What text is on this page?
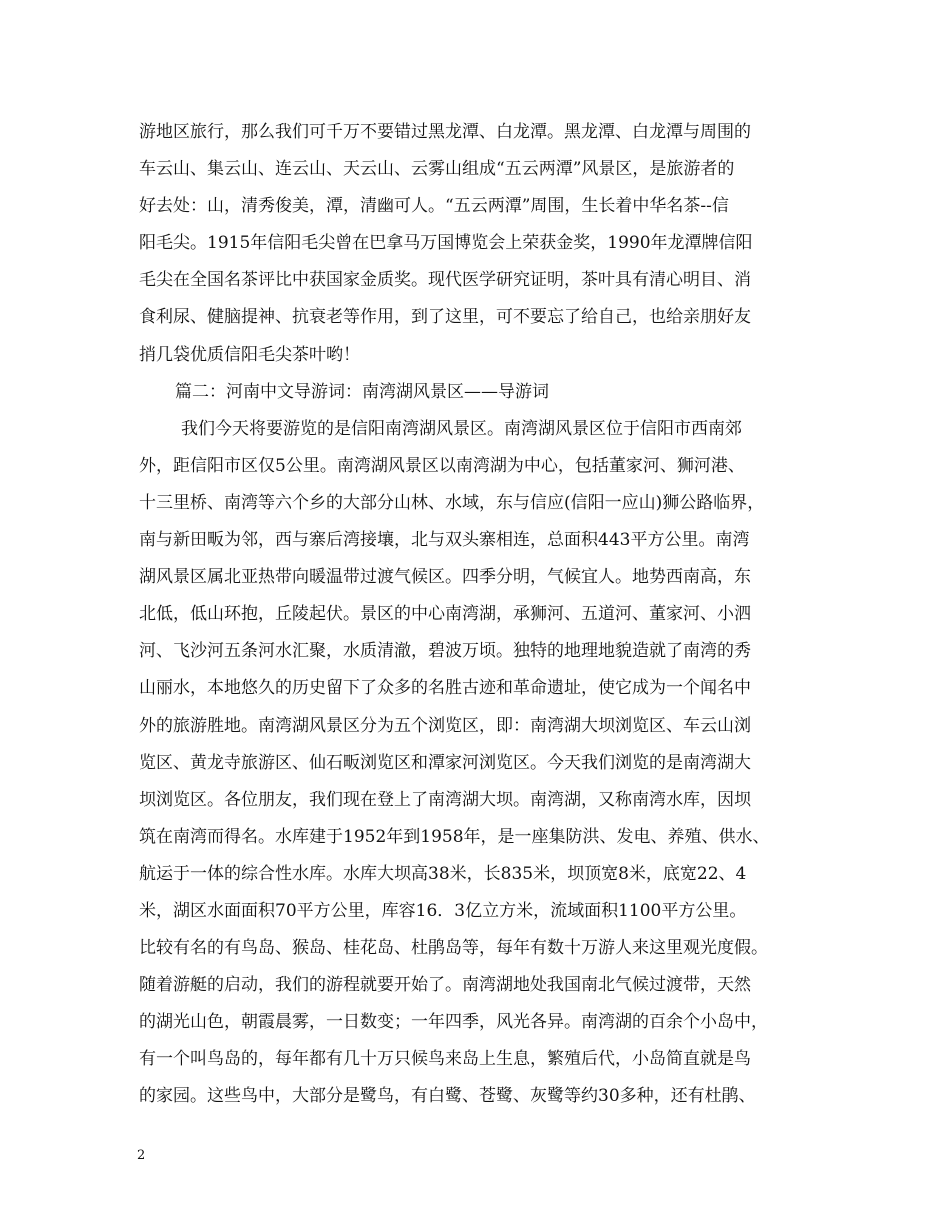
游地区旅行，那么我们可千万不要错过黑龙潭、白龙潭。黑龙潭、白龙潭与周围的
车云山、集云山、连云山、天云山、云雾山组成“五云两潭”风景区，是旅游者的
好去处：山，清秀俊美，潭，清幽可人。“五云两潭”周围，生长着中华名茶--信
阳毛尖。1915年信阳毛尖曾在巴拿马万国博览会上荣获金奖，1990年龙潭牌信阳
毛尖在全国名茶评比中获国家金质奖。现代医学研究证明，茶叶具有清心明目、消
食利尿、健脑提神、抗衰老等作用，到了这里，可不要忘了给自己，也给亲朋好友
捎几袋优质信阳毛尖茶叶哟！
篇二：河南中文导游词：南湾湖风景区——导游词
我们今天将要游览的是信阳南湾湖风景区。南湾湖风景区位于信阳市西南郊
外，距信阳市区仅5公里。南湾湖风景区以南湾湖为中心，包括董家河、狮河港、
十三里桥、南湾等六个乡的大部分山林、水域，东与信应(信阳一应山)狮公路临界，
南与新田畈为邻，西与寨后湾接壤，北与双头寨相连，总面积443平方公里。南湾
湖风景区属北亚热带向暖温带过渡气候区。四季分明，气候宜人。地势西南高，东
北低，低山环抱，丘陵起伏。景区的中心南湾湖，承狮河、五道河、董家河、小泗
河、飞沙河五条河水汇聚，水质清澈，碧波万顷。独特的地理地貌造就了南湾的秀
山丽水，本地悠久的历史留下了众多的名胜古迹和革命遗址，使它成为一个闻名中
外的旅游胜地。南湾湖风景区分为五个浏览区，即：南湾湖大坝浏览区、车云山浏
览区、黄龙寺旅游区、仙石畈浏览区和潭家河浏览区。今天我们浏览的是南湾湖大
坝浏览区。各位朋友，我们现在登上了南湾湖大坝。南湾湖，又称南湾水库，因坝
筑在南湾而得名。水库建于1952年到1958年，是一座集防洪、发电、养殖、供水、
航运于一体的综合性水库。水库大坝高38米，长835米，坝顶宽8米，底宽22、4
米，湖区水面面积70平方公里，库容16．3亿立方米，流域面积1100平方公里。
比较有名的有鸟岛、猴岛、桂花岛、杜鹃岛等，每年有数十万游人来这里观光度假。
随着游艇的启动，我们的游程就要开始了。南湾湖地处我国南北气候过渡带，天然
的湖光山色，朝霞晨雾，一日数变；一年四季，风光各异。南湾湖的百余个小岛中，
有一个叫鸟岛的，每年都有几十万只候鸟来岛上生息，繁殖后代，小岛简直就是鸟
的家园。这些鸟中，大部分是鹭鸟，有白鹭、苍鹭、灰鹭等约30多种，还有杜鹃、
2
